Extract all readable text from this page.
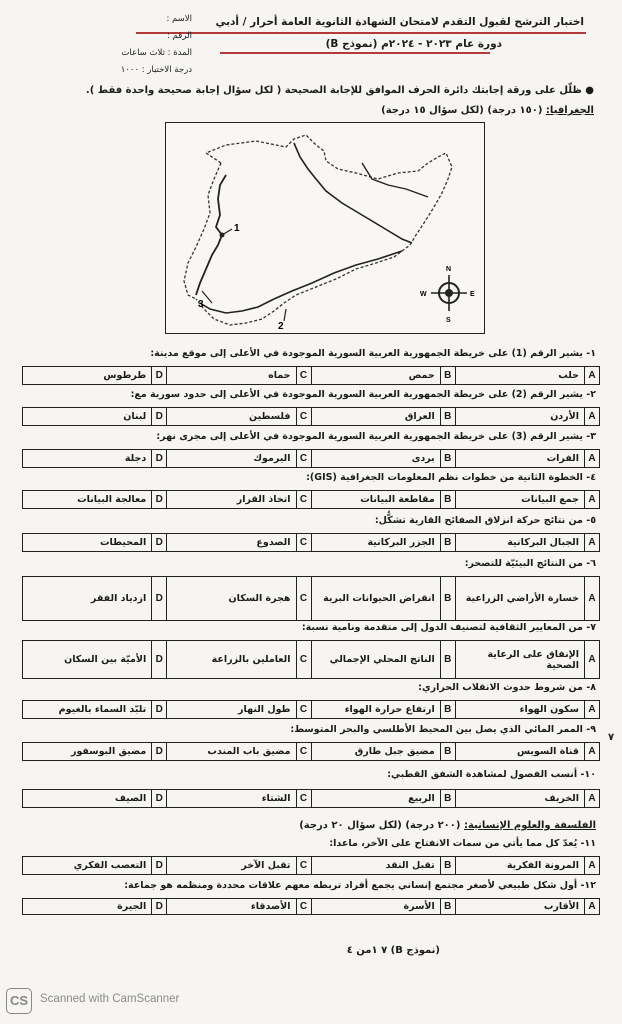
اختبار الترشح لقبول التقدم لامتحان الشهادة الثانوية العامة أحرار / أدبي
دورة عام ٢٠٢٣ - ٢٠٢٤م (نموذج B)
الاسم :
الرقم :
المدة : ثلاث ساعات
درجة الاختبار : ١٠٠٠
● ظلّل على ورقة إجابتك دائرة الحرف الموافق للإجابة الصحيحة ( لكل سؤال إجابة صحيحة واحدة فقط ).
الجغرافيا: (١٥٠ درجة) (لكل سؤال ١٥ درجة)
1
3
2
N
E
S
W
١- يشير الرقم (1) على خريطة الجمهورية العربية السورية الموجودة في الأعلى إلى موقع مدينة:
A	حلب	B	حمص	C	حماه	D	طرطوس
٢- يشير الرقم (2) على خريطة الجمهورية العربية السورية الموجودة في الأعلى إلى حدود سورية مع:
A	الأردن	B	العراق	C	فلسطين	D	لبنان
٣- يشير الرقم (3) على خريطة الجمهورية العربية السورية الموجودة في الأعلى إلى مجرى نهر:
A	الفرات	B	بردى	C	اليرموك	D	دجلة
٤- الخطوة الثانية من خطوات نظم المعلومات الجغرافية (GIS):
A	جمع البيانات	B	مقاطعة البيانات	C	اتخاذ القرار	D	معالجة البيانات
٥- من نتائج حركة انزلاق الصفائح القارية تشكُّل:
A	الجبال البركانية	B	الجزر البركانية	C	الصدوع	D	المحيطات
٦- من النتائج البيئيّة للتصحر:
A	خسارة الأراضي الزراعية	B	انقراض الحيوانات البرية	C	هجرة السكان	D	ازدياد الفقر
٧- من المعايير الثقافية لتصنيف الدول إلى متقدمة ونامية نسبة:
A	الإنفاق على الرعاية الصحية	B	الناتج المحلي الإجمالي	C	العاملين بالزراعة	D	الأميّة بين السكان
٨- من شروط حدوث الانقلاب الحراري:
A	سكون الهواء	B	ارتفاع حرارة الهواء	C	طول النهار	D	تلبّد السماء بالغيوم
٩- الممر المائي الذي يصل بين المحيط الأطلسي والبحر المتوسط:
A	قناة السويس	B	مضيق جبل طارق	C	مضيق باب المندب	D	مضيق البوسفور
١٠- أنسب الفصول لمشاهدة الشفق القطبي:
A	الخريف	B	الربيع	C	الشتاء	D	الصيف
١١- يُعدّ كل مما يأتي من سمات الانفتاح على الآخر، ماعدا:
A	المرونة الفكرية	B	تقبل النقد	C	تقبل الآخر	D	التعصب الفكري
١٢- أول شكل طبيعي لأصغر مجتمع إنساني يجمع أفراد تربطه معهم علاقات محددة ومنظمه هو جماعة:
A	الأقارب	B	الأسرة	C	الأصدقاء	D	الجيرة
الفلسفة والعلوم الإنسانية: (٢٠٠ درجة) (لكل سؤال ٢٠ درجة)
٧
(نموذج B) ٧ ١من ٤
CS	Scanned with CamScanner
